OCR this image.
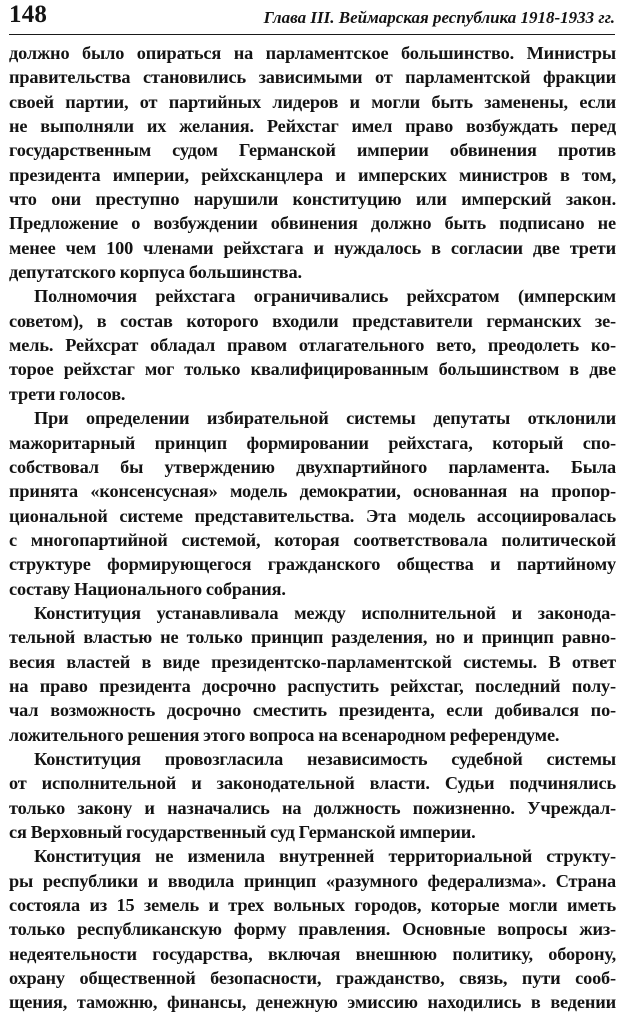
148	Глава III. Веймарская республика 1918-1933 гг.
должно было опираться на парламентское большинство. Министры
правительства становились зависимыми от парламентской фракции
своей партии, от партийных лидеров и могли быть заменены, если
не выполняли их желания. Рейхстаг имел право возбуждать перед
государственным судом Германской империи обвинения против
президента империи, рейхсканцлера и имперских министров в том,
что они преступно нарушили конституцию или имперский закон.
Предложение о возбуждении обвинения должно быть подписано не
менее чем 100 членами рейхстага и нуждалось в согласии две трети
депутатского корпуса большинства.
Полномочия рейхстага ограничивались рейхсратом (имперским
советом), в состав которого входили представители германских зе-
мель. Рейхсрат обладал правом отлагательного вето, преодолеть ко-
торое рейхстаг мог только квалифицированным большинством в две
трети голосов.
При определении избирательной системы депутаты отклонили
мажоритарный принцип формировании рейхстага, который спо-
собствовал бы утверждению двухпартийного парламента. Была
принята «консенсусная» модель демократии, основанная на пропор-
циональной системе представительства. Эта модель ассоциировалась
с многопартийной системой, которая соответствовала политической
структуре формирующегося гражданского общества и партийному
составу Национального собрания.
Конституция устанавливала между исполнительной и законода-
тельной властью не только принцип разделения, но и принцип равно-
весия властей в виде президентско-парламентской системы. В ответ
на право президента досрочно распустить рейхстаг, последний полу-
чал возможность досрочно сместить президента, если добивался по-
ложительного решения этого вопроса на всенародном референдуме.
Конституция провозгласила независимость судебной системы
от исполнительной и законодательной власти. Судьи подчинялись
только закону и назначались на должность пожизненно. Учреждал-
ся Верховный государственный суд Германской империи.
Конституция не изменила внутренней территориальной структу-
ры республики и вводила принцип «разумного федерализма». Страна
состояла из 15 земель и трех вольных городов, которые могли иметь
только республиканскую форму правления. Основные вопросы жиз-
недеятельности государства, включая внешнюю политику, оборону,
охрану общественной безопасности, гражданство, связь, пути сооб-
щения, таможню, финансы, денежную эмиссию находились в ведении
